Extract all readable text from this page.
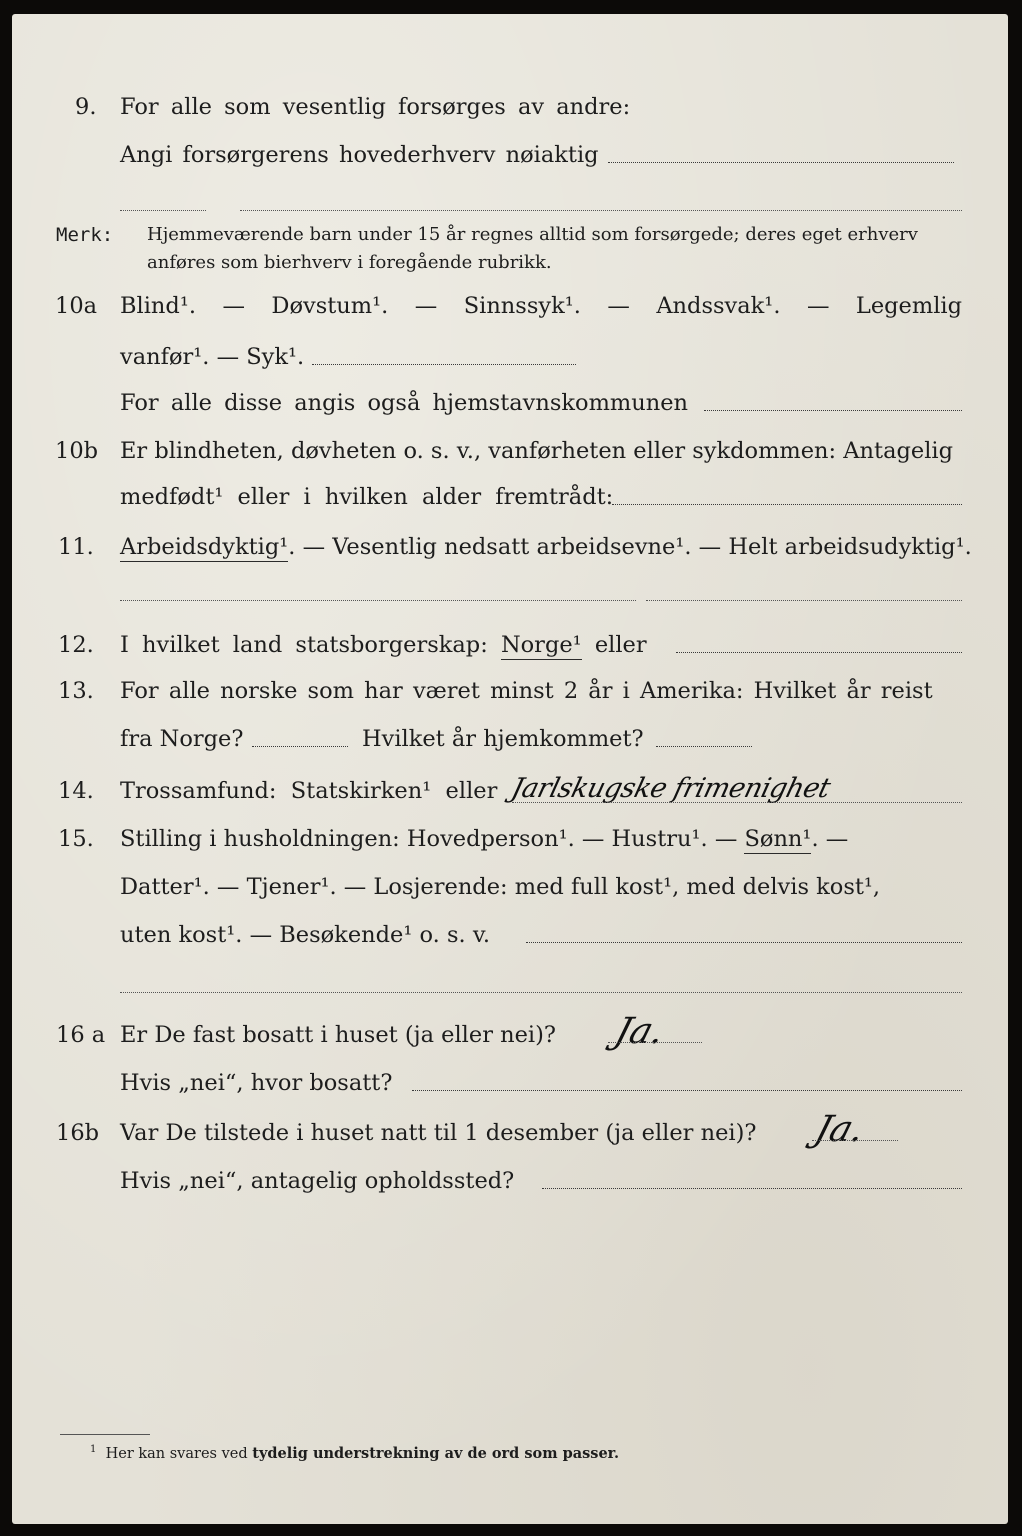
9. For alle som vesentlig forsørges av andre:
Angi forsørgerens hovederhverv nøiaktig
Merk: Hjemmeværende barn under 15 år regnes alltid som forsørgede; deres eget erhverv
anføres som bierhverv i foregående rubrikk.
10a Blind¹. — Døvstum¹. — Sinnssyk¹. — Andssvak¹. — Legemlig
vanfør¹. — Syk¹.
For alle disse angis også hjemstavnskommunen
10b Er blindheten, døvheten o. s. v., vanførheten eller sykdommen: Antagelig
medfødt¹ eller i hvilken alder fremtrådt:
11. Arbeidsdyktig¹. — Vesentlig nedsatt arbeidsevne¹. — Helt arbeidsudyktig¹.
12. I hvilket land statsborgerskap: Norge¹ eller
13. For alle norske som har været minst 2 år i Amerika: Hvilket år reist
fra Norge?	Hvilket år hjemkommet?
14. Trossamfund:  Statskirken¹  eller Jarlskugske frimenighet
15. Stilling i husholdningen: Hovedperson¹. — Hustru¹. — Sønn¹. —
Datter¹. — Tjener¹. — Losjerende: med full kost¹, med delvis kost¹,
uten kost¹. — Besøkende¹ o. s. v.
16 a Er De fast bosatt i huset (ja eller nei)? Ja.
Hvis „nei“, hvor bosatt?
16b Var De tilstede i huset natt til 1 desember (ja eller nei)? Ja.
Hvis „nei“, antagelig opholdssted?
$^1$ Her kan svares ved tydelig understrekning av de ord som passer.
